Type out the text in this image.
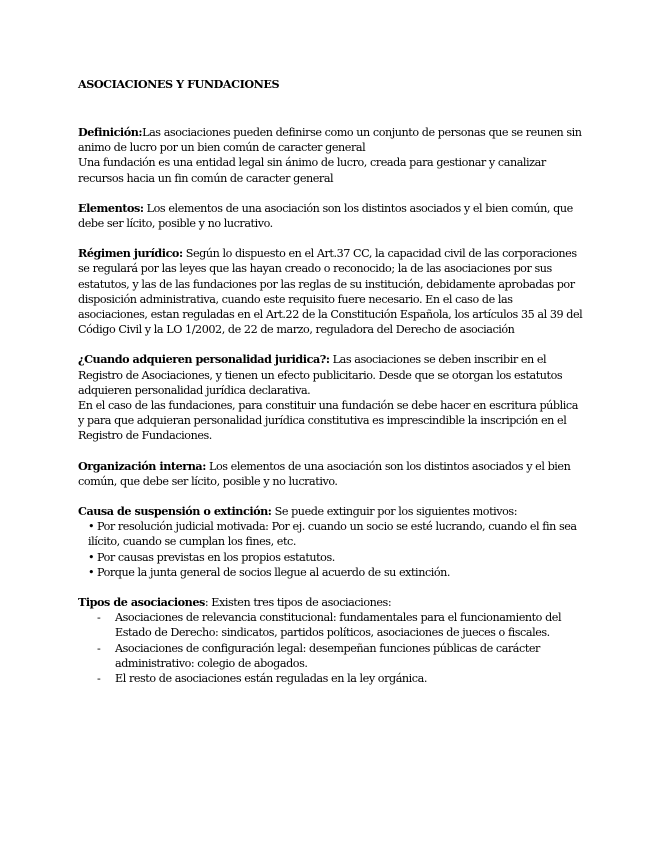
ASOCIACIONES Y FUNDACIONES

Definición:Las asociaciones pueden definirse como un conjunto de personas que se reunen sin animo de lucro por un bien común de caracter general

Una fundación es una entidad legal sin ánimo de lucro, creada para gestionar y canalizar recursos hacia un fin común de caracter general

Elementos: Los elementos de una asociación son los distintos asociados y el bien común, que debe ser lícito, posible y no lucrativo.

Régimen jurídico: Según lo dispuesto en el Art.37 CC, la capacidad civil de las corporaciones se regulará por las leyes que las hayan creado o reconocido; la de las asociaciones por sus estatutos, y las de las fundaciones por las reglas de su institución, debidamente aprobadas por disposición administrativa, cuando este requisito fuere necesario. En el caso de las asociaciones, estan reguladas en el Art.22 de la Constitución Española, los artículos 35 al 39 del Código Civil y la LO 1/2002, de 22 de marzo, reguladora del Derecho de asociación

¿Cuando adquieren personalidad juridica?: Las asociaciones se deben inscribir en el Registro de Asociaciones, y tienen un efecto publicitario. Desde que se otorgan los estatutos adquieren personalidad jurídica declarativa.

En el caso de las fundaciones, para constituir una fundación se debe hacer en escritura pública y para que adquieran personalidad jurídica constitutiva es imprescindible la inscripción en el Registro de Fundaciones.

Organización interna: Los elementos de una asociación son los distintos asociados y el bien común, que debe ser lícito, posible y no lucrativo.

Causa de suspensión o extinción: Se puede extinguir por los siguientes motivos:

• Por resolución judicial motivada: Por ej. cuando un socio se esté lucrando, cuando el fin sea ilícito, cuando se cumplan los fines, etc.
• Por causas previstas en los propios estatutos.
• Porque la junta general de socios llegue al acuerdo de su extinción.

Tipos de asociaciones: Existen tres tipos de asociaciones:

- Asociaciones de relevancia constitucional: fundamentales para el funcionamiento del Estado de Derecho: sindicatos, partidos políticos, asociaciones de jueces o fiscales.
- Asociaciones de configuración legal: desempeñan funciones públicas de carácter administrativo: colegio de abogados.
- El resto de asociaciones están reguladas en la ley orgánica.
